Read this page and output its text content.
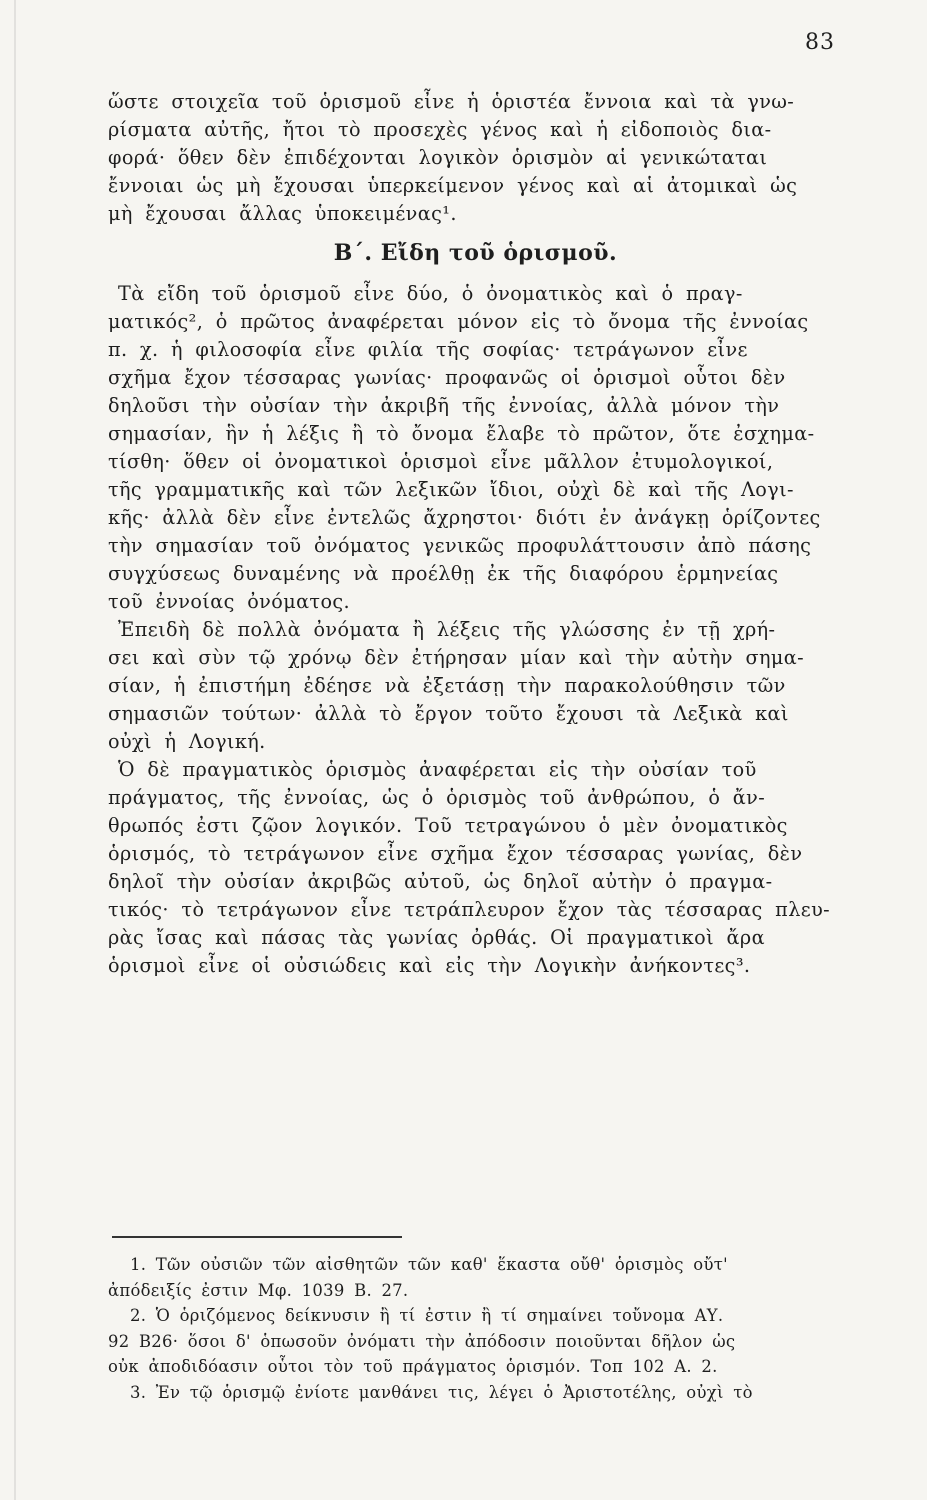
83
ὥστε στοιχεῖα τοῦ ὁρισμοῦ εἶνε ἡ ὁριστέα ἔννοια καὶ τὰ γνω-
ρίσματα αὐτῆς, ἤτοι τὸ προσεχὲς γένος καὶ ἡ εἰδοποιὸς δια-
φορά· ὅθεν δὲν ἐπιδέχονται λογικὸν ὁρισμὸν αἱ γενικώταται
ἔννοιαι ὡς μὴ ἔχουσαι ὑπερκείμενον γένος καὶ αἱ ἀτομικαὶ ὡς
μὴ ἔχουσαι ἄλλας ὑποκειμένας¹.
Β΄. Εἴδη τοῦ ὁρισμοῦ.
Τὰ εἴδη τοῦ ὁρισμοῦ εἶνε δύο, ὁ ὀνοματικὸς καὶ ὁ πραγ-
ματικός², ὁ πρῶτος ἀναφέρεται μόνον εἰς τὸ ὄνομα τῆς ἐννοίας
π. χ. ἡ φιλοσοφία εἶνε φιλία τῆς σοφίας· τετράγωνον εἶνε
σχῆμα ἔχον τέσσαρας γωνίας· προφανῶς οἱ ὁρισμοὶ οὗτοι δὲν
δηλοῦσι τὴν οὐσίαν τὴν ἀκριβῆ τῆς ἐννοίας, ἀλλὰ μόνον τὴν
σημασίαν, ἣν ἡ λέξις ἢ τὸ ὄνομα ἔλαβε τὸ πρῶτον, ὅτε ἐσχημα-
τίσθη· ὅθεν οἱ ὀνοματικοὶ ὁρισμοὶ εἶνε μᾶλλον ἐτυμολογικοί,
τῆς γραμματικῆς καὶ τῶν λεξικῶν ἴδιοι, οὐχὶ δὲ καὶ τῆς Λογι-
κῆς· ἀλλὰ δὲν εἶνε ἐντελῶς ἄχρηστοι· διότι ἐν ἀνάγκῃ ὁρίζοντες
τὴν σημασίαν τοῦ ὀνόματος γενικῶς προφυλάττουσιν ἀπὸ πάσης
συγχύσεως δυναμένης νὰ προέλθῃ ἐκ τῆς διαφόρου ἑρμηνείας
τοῦ ἐννοίας ὀνόματος.
Ἐπειδὴ δὲ πολλὰ ὀνόματα ἢ λέξεις τῆς γλώσσης ἐν τῇ χρή-
σει καὶ σὺν τῷ χρόνῳ δὲν ἐτήρησαν μίαν καὶ τὴν αὐτὴν σημα-
σίαν, ἡ ἐπιστήμη ἐδέησε νὰ ἐξετάσῃ τὴν παρακολούθησιν τῶν
σημασιῶν τούτων· ἀλλὰ τὸ ἔργον τοῦτο ἔχουσι τὰ Λεξικὰ καὶ
οὐχὶ ἡ Λογική.
Ὁ δὲ πραγματικὸς ὁρισμὸς ἀναφέρεται εἰς τὴν οὐσίαν τοῦ
πράγματος, τῆς ἐννοίας, ὡς ὁ ὁρισμὸς τοῦ ἀνθρώπου, ὁ ἄν-
θρωπός ἐστι ζῷον λογικόν. Τοῦ τετραγώνου ὁ μὲν ὀνοματικὸς
ὁρισμός, τὸ τετράγωνον εἶνε σχῆμα ἔχον τέσσαρας γωνίας, δὲν
δηλοῖ τὴν οὐσίαν ἀκριβῶς αὐτοῦ, ὡς δηλοῖ αὐτὴν ὁ πραγμα-
τικός· τὸ τετράγωνον εἶνε τετράπλευρον ἔχον τὰς τέσσαρας πλευ-
ρὰς ἴσας καὶ πάσας τὰς γωνίας ὀρθάς. Οἱ πραγματικοὶ ἄρα
ὁρισμοὶ εἶνε οἱ οὐσιώδεις καὶ εἰς τὴν Λογικὴν ἀνήκοντες³.
1. Τῶν οὐσιῶν τῶν αἰσθητῶν τῶν καθ' ἕκαστα οὔθ' ὁρισμὸς οὔτ'
ἀπόδειξίς ἐστιν Μφ. 1039 Β. 27.
2. Ὁ ὁριζόμενος δείκνυσιν ἢ τί ἐστιν ἢ τί σημαίνει τοὔνομα ΑΥ.
92 Β26· ὅσοι δ' ὁπωσοῦν ὀνόματι τὴν ἀπόδοσιν ποιοῦνται δῆλον ὡς
οὐκ ἀποδιδόασιν οὗτοι τὸν τοῦ πράγματος ὁρισμόν. Τοπ 102 Α. 2.
3. Ἐν τῷ ὁρισμῷ ἐνίοτε μανθάνει τις, λέγει ὁ Ἀριστοτέλης, οὐχὶ τὸ
